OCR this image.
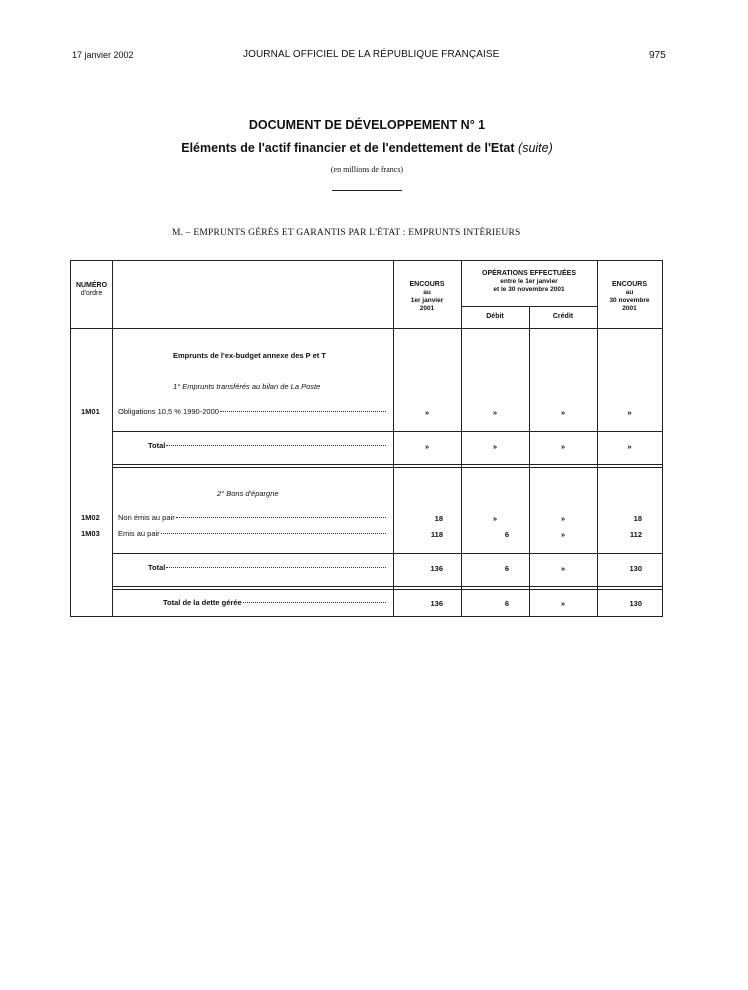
17 janvier 2002	JOURNAL OFFICIEL DE LA RÉPUBLIQUE FRANÇAISE	975
DOCUMENT DE DÉVELOPPEMENT N° 1
Eléments de l'actif financier et de l'endettement de l'Etat (suite)
(en millions de francs)
M. – EMPRUNTS GÉRÉS ET GARANTIS PAR L'ÉTAT : EMPRUNTS INTÉRIEURS
NUMÉRO
d'ordre
ENCOURS
au
1er janvier
2001
OPÉRATIONS EFFECTUÉES
entre le 1er janvier
et le 30 novembre 2001
Débit	Crédit
ENCOURS
au
30 novembre
2001
Emprunts de l'ex-budget annexe des P et T
1° Emprunts transférés au bilan de La Poste
2° Bons d'épargne
1M01 Obligations 10,5 % 1990-2000	»	»	»	»
Total	»	»	»	»
1M02 Non émis au pair	18	»	»	18
1M03 Emis au pair	118	6	»	112
Total	136	6	»	130
Total de la dette gérée	136	6	»	130
